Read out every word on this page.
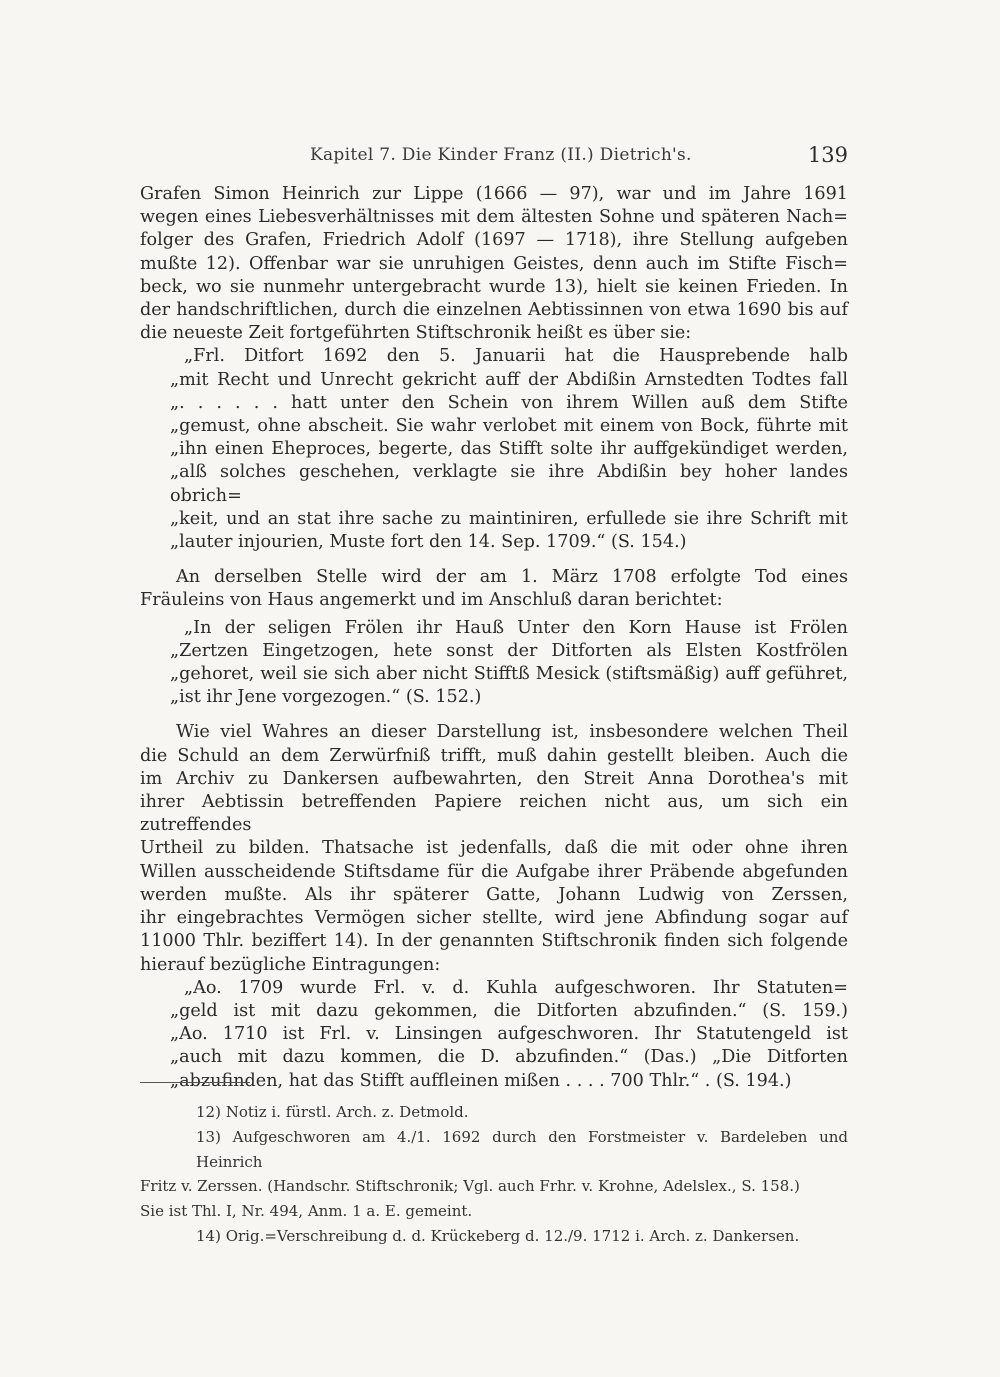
Kapitel 7. Die Kinder Franz (II.) Dietrich's.	139

Grafen Simon Heinrich zur Lippe (1666 — 97), war und im Jahre 1691

wegen eines Liebesverhältnisses mit dem ältesten Sohne und späteren Nach=

folger des Grafen, Friedrich Adolf (1697 — 1718), ihre Stellung aufgeben

mußte 12). Offenbar war sie unruhigen Geistes, denn auch im Stifte Fisch=

beck, wo sie nunmehr untergebracht wurde 13), hielt sie keinen Frieden. In

der handschriftlichen, durch die einzelnen Aebtissinnen von etwa 1690 bis auf

die neueste Zeit fortgeführten Stiftschronik heißt es über sie:

„Frl. Ditfort 1692 den 5. Januarii hat die Hausprebende halb

„mit Recht und Unrecht gekricht auff der Abdißin Arnstedten Todtes fall

„. . . . . . hatt unter den Schein von ihrem Willen auß dem Stifte

„gemust, ohne abscheit. Sie wahr verlobet mit einem von Bock, führte mit

„ihn einen Eheproces, begerte, das Stifft solte ihr auffgekündiget werden,

„alß solches geschehen, verklagte sie ihre Abdißin bey hoher landes obrich=

„keit, und an stat ihre sache zu maintiniren, erfullede sie ihre Schrift mit

„lauter injourien, Muste fort den 14. Sep. 1709.“ (S. 154.)

An derselben Stelle wird der am 1. März 1708 erfolgte Tod eines

Fräuleins von Haus angemerkt und im Anschluß daran berichtet:

„In der seligen Frölen ihr Hauß Unter den Korn Hause ist Frölen

„Zertzen Eingetzogen, hete sonst der Ditforten als Elsten Kostfrölen

„gehoret, weil sie sich aber nicht Stifftß Mesick (stiftsmäßig) auff geführet,

„ist ihr Jene vorgezogen.“ (S. 152.)

Wie viel Wahres an dieser Darstellung ist, insbesondere welchen Theil

die Schuld an dem Zerwürfniß trifft, muß dahin gestellt bleiben. Auch die

im Archiv zu Dankersen aufbewahrten, den Streit Anna Dorothea's mit

ihrer Aebtissin betreffenden Papiere reichen nicht aus, um sich ein zutreffendes

Urtheil zu bilden. Thatsache ist jedenfalls, daß die mit oder ohne ihren

Willen ausscheidende Stiftsdame für die Aufgabe ihrer Präbende abgefunden

werden mußte. Als ihr späterer Gatte, Johann Ludwig von Zerssen,

ihr eingebrachtes Vermögen sicher stellte, wird jene Abfindung sogar auf

11000 Thlr. beziffert 14). In der genannten Stiftschronik finden sich folgende

hierauf bezügliche Eintragungen:

„Ao. 1709 wurde Frl. v. d. Kuhla aufgeschworen. Ihr Statuten=

„geld ist mit dazu gekommen, die Ditforten abzufinden.“ (S. 159.)

„Ao. 1710 ist Frl. v. Linsingen aufgeschworen. Ihr Statutengeld ist

„auch mit dazu kommen, die D. abzufinden.“ (Das.) „Die Ditforten

„abzufinden, hat das Stifft auffleinen mißen . . . . 700 Thlr.“ . (S. 194.)

12) Notiz i. fürstl. Arch. z. Detmold.

13) Aufgeschworen am 4./1. 1692 durch den Forstmeister v. Bardeleben und Heinrich

Fritz v. Zerssen. (Handschr. Stiftschronik; Vgl. auch Frhr. v. Krohne, Adelslex., S. 158.)

Sie ist Thl. I, Nr. 494, Anm. 1 a. E. gemeint.

14) Orig.=Verschreibung d. d. Krückeberg d. 12./9. 1712 i. Arch. z. Dankersen.
